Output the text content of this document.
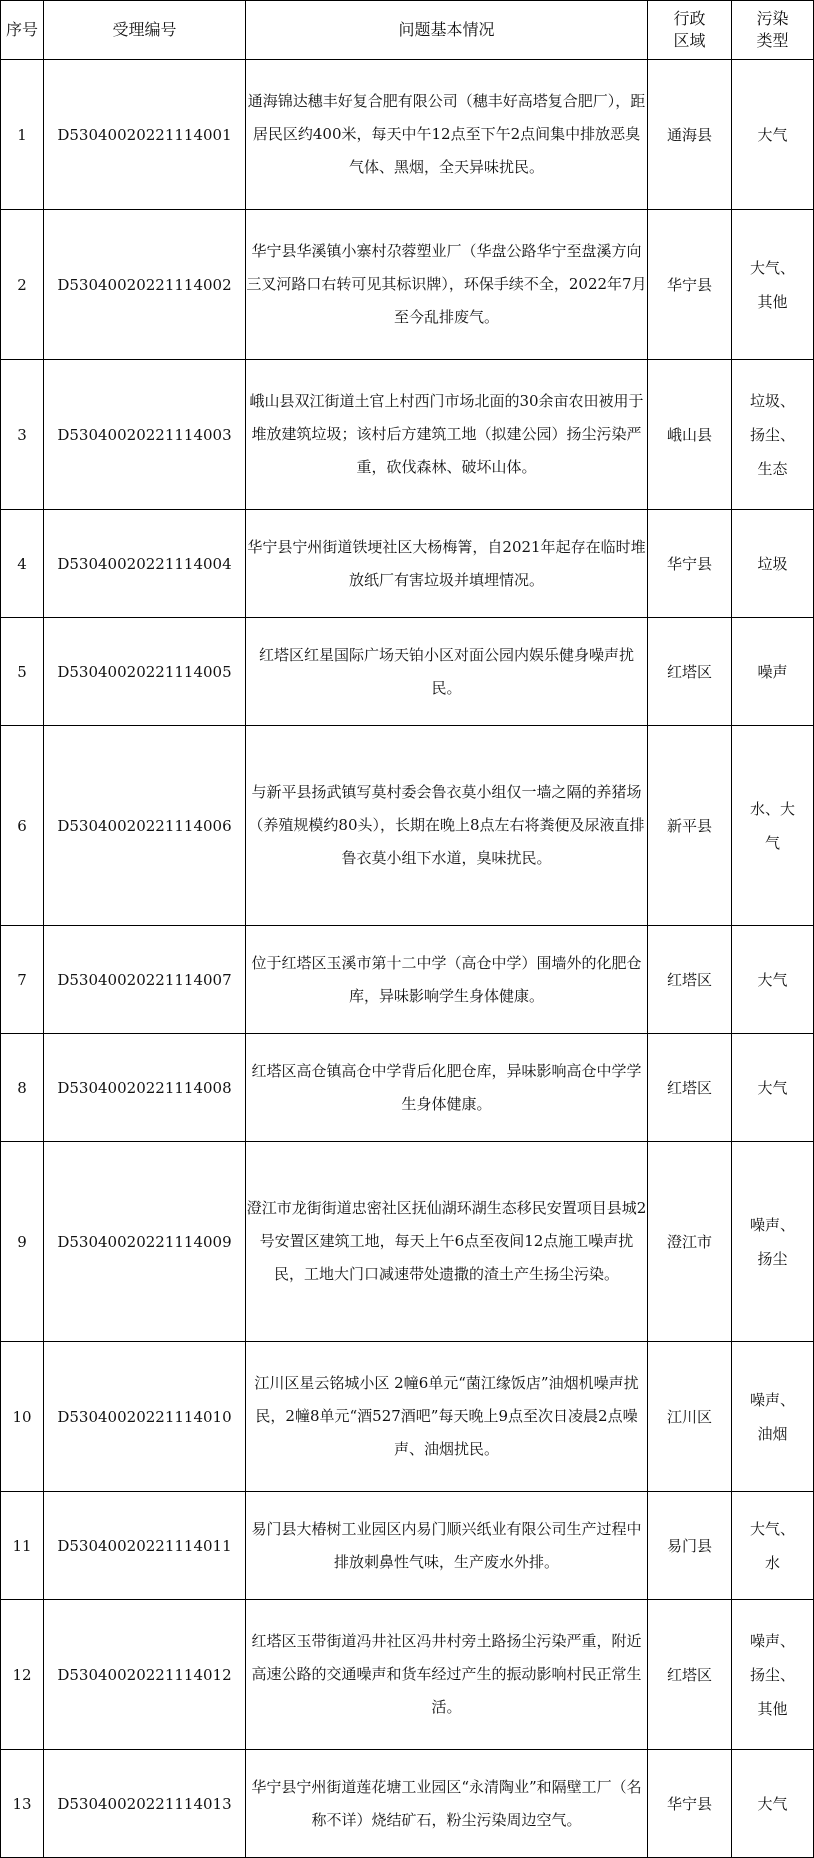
序号	受理编号	问题基本情况	行政区域	污染类型

1	D53040020221114001	通海锦达穗丰好复合肥有限公司（穗丰好高塔复合肥厂），距居民区约400米，每天中午12点至下午2点间集中排放恶臭气体、黑烟，全天异味扰民。	通海县	大气

2	D53040020221114002	华宁县华溪镇小寨村尕蓉塑业厂（华盘公路华宁至盘溪方向三叉河路口右转可见其标识牌），环保手续不全，2022年7月至今乱排废气。	华宁县	大气、其他

3	D53040020221114003	峨山县双江街道土官上村西门市场北面的30余亩农田被用于堆放建筑垃圾；该村后方建筑工地（拟建公园）扬尘污染严重，砍伐森林、破坏山体。	峨山县	垃圾、扬尘、生态

4	D53040020221114004	华宁县宁州街道铁埂社区大杨梅箐，自2021年起存在临时堆放纸厂有害垃圾并填埋情况。	华宁县	垃圾

5	D53040020221114005	红塔区红星国际广场天铂小区对面公园内娱乐健身噪声扰民。	红塔区	噪声

6	D53040020221114006	与新平县扬武镇写莫村委会鲁衣莫小组仅一墙之隔的养猪场（养殖规模约80头），长期在晚上8点左右将粪便及尿液直排鲁衣莫小组下水道，臭味扰民。	新平县	水、大气

7	D53040020221114007	位于红塔区玉溪市第十二中学（高仓中学）围墙外的化肥仓库，异味影响学生身体健康。	红塔区	大气

8	D53040020221114008	红塔区高仓镇高仓中学背后化肥仓库，异味影响高仓中学学生身体健康。	红塔区	大气

9	D53040020221114009	澄江市龙街街道忠密社区抚仙湖环湖生态移民安置项目县城2号安置区建筑工地，每天上午6点至夜间12点施工噪声扰民，工地大门口减速带处遗撒的渣土产生扬尘污染。	澄江市	噪声、扬尘

10	D53040020221114010	江川区星云铭城小区 2幢6单元“菌江缘饭店”油烟机噪声扰民，2幢8单元“酒527酒吧”每天晚上9点至次日凌晨2点噪声、油烟扰民。	江川区	噪声、油烟

11	D53040020221114011	易门县大椿树工业园区内易门顺兴纸业有限公司生产过程中排放刺鼻性气味，生产废水外排。	易门县	大气、水

12	D53040020221114012	红塔区玉带街道冯井社区冯井村旁土路扬尘污染严重，附近高速公路的交通噪声和货车经过产生的振动影响村民正常生活。	红塔区	噪声、扬尘、其他

13	D53040020221114013	华宁县宁州街道莲花塘工业园区“永清陶业”和隔壁工厂（名称不详）烧结矿石，粉尘污染周边空气。	华宁县	大气
